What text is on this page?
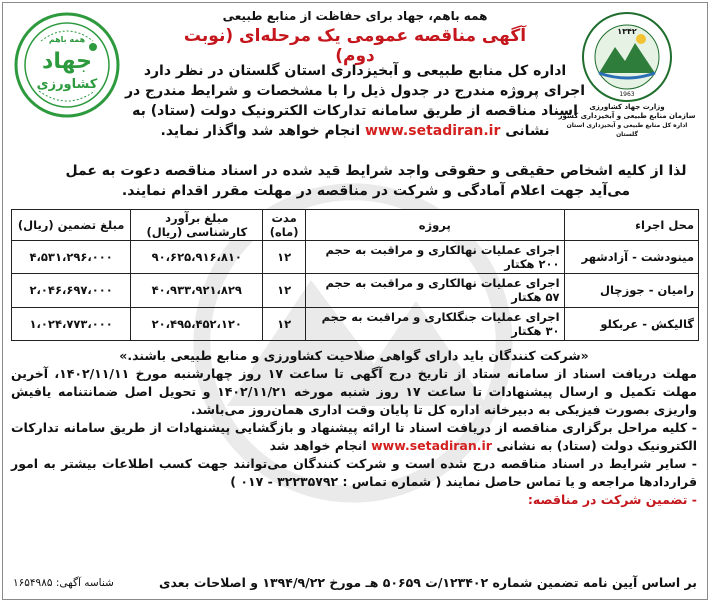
همه باهم
جهاد
کشاورزی
۱۳۴۲
1963
وزارت جهاد کشاورزی
سازمان منابع طبیعی و آبخیزداری کشور
اداره کل منابع طبیعی و آبخیزداری استان گلستان
همه باهم، جهاد برای حفاظت از منابع طبیعی
آگهی مناقصه عمومی یک مرحله‌ای (نوبت دوم)
اداره کل منابع طبیعی و آبخیزداری استان گلستان در نظر دارد اجرای پروژه مندرج در جدول ذیل را با مشخصات و شرایط مندرج در اسناد مناقصه از طریق سامانه تدارکات الکترونیک دولت (ستاد) به نشانی www.setadiran.ir انجام خواهد شد واگذار نماید.
لذا از کلیه اشخاص حقیقی و حقوقی واجد شرایط قید شده در اسناد مناقصه دعوت به عمل می‌آید جهت اعلام آمادگی و شرکت در مناقصه در مهلت مقرر اقدام نمایند.
محل اجراء	پروژه	مدت (ماه)	مبلغ برآورد کارشناسی (ریال)	مبلغ تضمین (ریال)
مینودشت - آزادشهر	اجرای عملیات نهالکاری و مراقبت به حجم ۲۰۰ هکتار	۱۲	۹۰،۶۲۵،۹۱۶،۸۱۰	۴،۵۳۱،۲۹۶،۰۰۰
رامیان - جوزچال	اجرای عملیات نهالکاری و مراقبت به حجم ۵۷ هکتار	۱۲	۴۰،۹۳۳،۹۲۱،۸۲۹	۲،۰۴۶،۶۹۷،۰۰۰
گالیکش - عربکلو	اجرای عملیات جنگلکاری و مراقبت به حجم ۳۰ هکتار	۱۲	۲۰،۴۹۵،۴۵۲،۱۲۰	۱،۰۲۴،۷۷۳،۰۰۰

«شرکت کنندگان باید دارای گواهی صلاحیت کشاورزی و منابع طبیعی باشند.»

مهلت دریافت اسناد از سامانه ستاد از تاریخ درج آگهی تا ساعت ۱۷ روز چهارشنبه مورخ ۱۴۰۲/۱۱/۱۱، آخرین مهلت تکمیل و ارسال پیشنهادات تا ساعت ۱۷ روز شنبه مورخه ۱۴۰۲/۱۱/۲۱ و تحویل اصل ضمانتنامه یافیش واریزی بصورت فیزیکی به دبیرخانه اداره کل تا پایان وقت اداری همان‌روز می‌باشد.

- کلیه مراحل برگزاری مناقصه از دریافت اسناد تا ارائه پیشنهاد و بازگشایی پیشنهادات از طریق سامانه تدارکات الکترونیک دولت (ستاد) به نشانی www.setadiran.ir انجام خواهد شد

- سایر شرایط در اسناد مناقصه درج شده است و شرکت کنندگان می‌توانند جهت کسب اطلاعات بیشتر به امور قراردادها مراجعه و یا تماس حاصل نمایند ( شماره تماس : ۳۲۲۳۵۷۹۲ - ۰۱۷ )

- تضمین شرکت در مناقصه:

بر اساس آیین نامه تضمین شماره ۱۲۳۴۰۲/ت ۵۰۶۵۹ هـ مورخ ۱۳۹۴/۹/۲۲ و اصلاحات بعدی
شناسه آگهی: ۱۶۵۴۹۸۵
